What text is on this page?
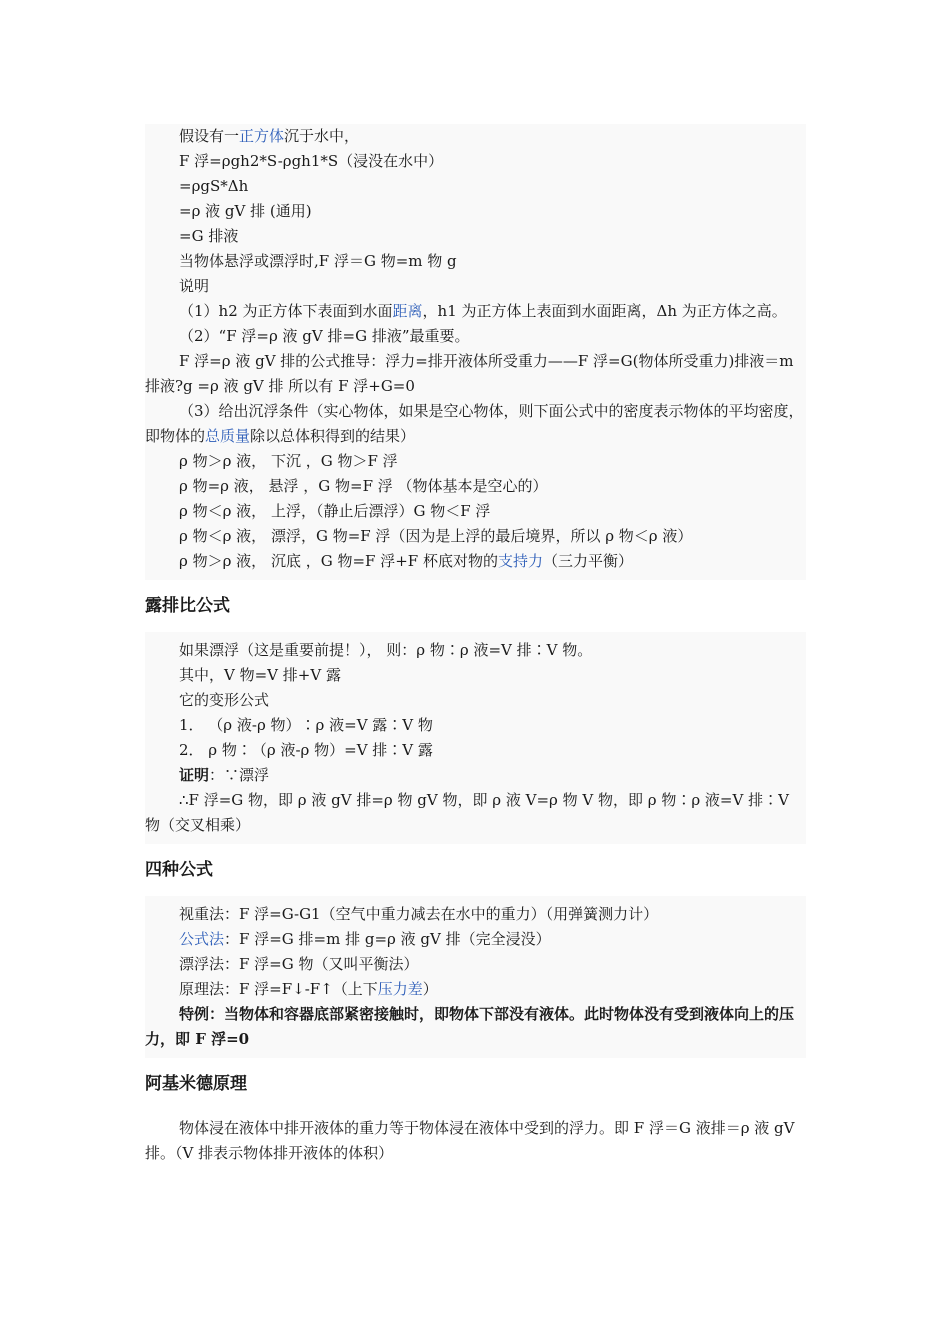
假设有一正方体沉于水中，

F 浮=ρgh2*S-ρgh1*S（浸没在水中）

=ρgS*Δh

=ρ 液 gV 排 (通用)

=G 排液

当物体悬浮或漂浮时,F 浮＝G 物=m 物 g

说明

（1）h2 为正方体下表面到水面距离，h1 为正方体上表面到水面距离，Δh 为正方体之高。

（2）“F 浮=ρ 液 gV 排=G 排液”最重要。

F 浮=ρ 液 gV 排的公式推导：浮力=排开液体所受重力——F 浮=G(物体所受重力)排液＝m 排液?g =ρ 液 gV 排 所以有 F 浮+G=0

（3）给出沉浮条件（实心物体，如果是空心物体，则下面公式中的密度表示物体的平均密度，即物体的总质量除以总体积得到的结果）

ρ 物＞ρ 液， 下沉 ，G 物＞F 浮

ρ 物=ρ 液， 悬浮 ，G 物=F 浮 （物体基本是空心的）

ρ 物＜ρ 液， 上浮，（静止后漂浮）G 物＜F 浮

ρ 物＜ρ 液， 漂浮，G 物=F 浮（因为是上浮的最后境界，所以 ρ 物＜ρ 液）

ρ 物＞ρ 液， 沉底 ，G 物=F 浮+F 杯底对物的支持力（三力平衡）

露排比公式

如果漂浮（这是重要前提！）， 则：ρ 物∶ρ 液=V 排∶V 物。

其中，V 物=V 排+V 露

它的变形公式

1． （ρ 液-ρ 物）∶ρ 液=V 露∶V 物

2． ρ 物∶（ρ 液-ρ 物）=V 排∶V 露

证明：∵漂浮

∴F 浮=G 物，即 ρ 液 gV 排=ρ 物 gV 物，即 ρ 液 V=ρ 物 V 物，即 ρ 物∶ρ 液=V 排∶V 物（交叉相乘）

四种公式

视重法：F 浮=G-G1（空气中重力减去在水中的重力）（用弹簧测力计）

公式法：F 浮=G 排=m 排 g=ρ 液 gV 排（完全浸没）

漂浮法：F 浮=G 物（又叫平衡法）

原理法：F 浮=F↓-F↑（上下压力差）

特例：当物体和容器底部紧密接触时，即物体下部没有液体。此时物体没有受到液体向上的压力，即 F 浮=0

阿基米德原理

物体浸在液体中排开液体的重力等于物体浸在液体中受到的浮力。即 F 浮＝G 液排＝ρ 液 gV 排。（V 排表示物体排开液体的体积）
